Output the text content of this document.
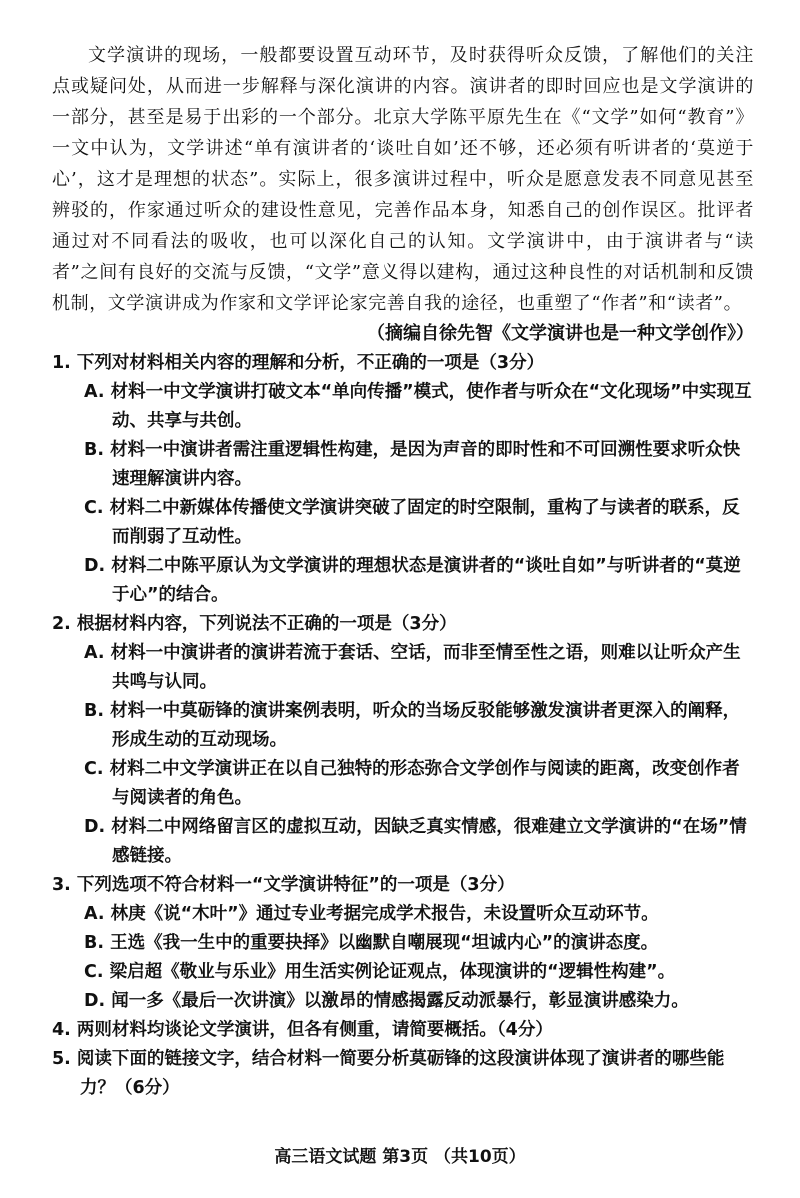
文学演讲的现场，一般都要设置互动环节，及时获得听众反馈，了解他们的关注点或疑问处，从而进一步解释与深化演讲的内容。演讲者的即时回应也是文学演讲的一部分，甚至是易于出彩的一个部分。北京大学陈平原先生在《“文学”如何“教育”》一文中认为，文学讲述“单有演讲者的‘谈吐自如’还不够，还必须有听讲者的‘莫逆于心’，这才是理想的状态”。实际上，很多演讲过程中，听众是愿意发表不同意见甚至辨驳的，作家通过听众的建设性意见，完善作品本身，知悉自己的创作误区。批评者通过对不同看法的吸收，也可以深化自己的认知。文学演讲中，由于演讲者与“读者”之间有良好的交流与反馈，“文学”意义得以建构，通过这种良性的对话机制和反馈机制，文学演讲成为作家和文学评论家完善自我的途径，也重塑了“作者”和“读者”。

（摘编自徐先智《文学演讲也是一种文学创作》）

1. 下列对材料相关内容的理解和分析，不正确的一项是（3分）

A. 材料一中文学演讲打破文本“单向传播”模式，使作者与听众在“文化现场”中实现互动、共享与共创。

B. 材料一中演讲者需注重逻辑性构建，是因为声音的即时性和不可回溯性要求听众快速理解演讲内容。

C. 材料二中新媒体传播使文学演讲突破了固定的时空限制，重构了与读者的联系，反而削弱了互动性。

D. 材料二中陈平原认为文学演讲的理想状态是演讲者的“谈吐自如”与听讲者的“莫逆于心”的结合。

2. 根据材料内容，下列说法不正确的一项是（3分）

A. 材料一中演讲者的演讲若流于套话、空话，而非至情至性之语，则难以让听众产生共鸣与认同。

B. 材料一中莫砺锋的演讲案例表明，听众的当场反驳能够激发演讲者更深入的阐释，形成生动的互动现场。

C. 材料二中文学演讲正在以自己独特的形态弥合文学创作与阅读的距离，改变创作者与阅读者的角色。

D. 材料二中网络留言区的虚拟互动，因缺乏真实情感，很难建立文学演讲的“在场”情感链接。

3. 下列选项不符合材料一“文学演讲特征”的一项是（3分）

A. 林庚《说“木叶”》通过专业考据完成学术报告，未设置听众互动环节。

B. 王选《我一生中的重要抉择》以幽默自嘲展现“坦诚内心”的演讲态度。

C. 梁启超《敬业与乐业》用生活实例论证观点，体现演讲的“逻辑性构建”。

D. 闻一多《最后一次讲演》以激昂的情感揭露反动派暴行，彰显演讲感染力。

4. 两则材料均谈论文学演讲，但各有侧重，请简要概括。（4分）

5. 阅读下面的链接文字，结合材料一简要分析莫砺锋的这段演讲体现了演讲者的哪些能力？（6分）

高三语文试题 第3页 （共10页）
